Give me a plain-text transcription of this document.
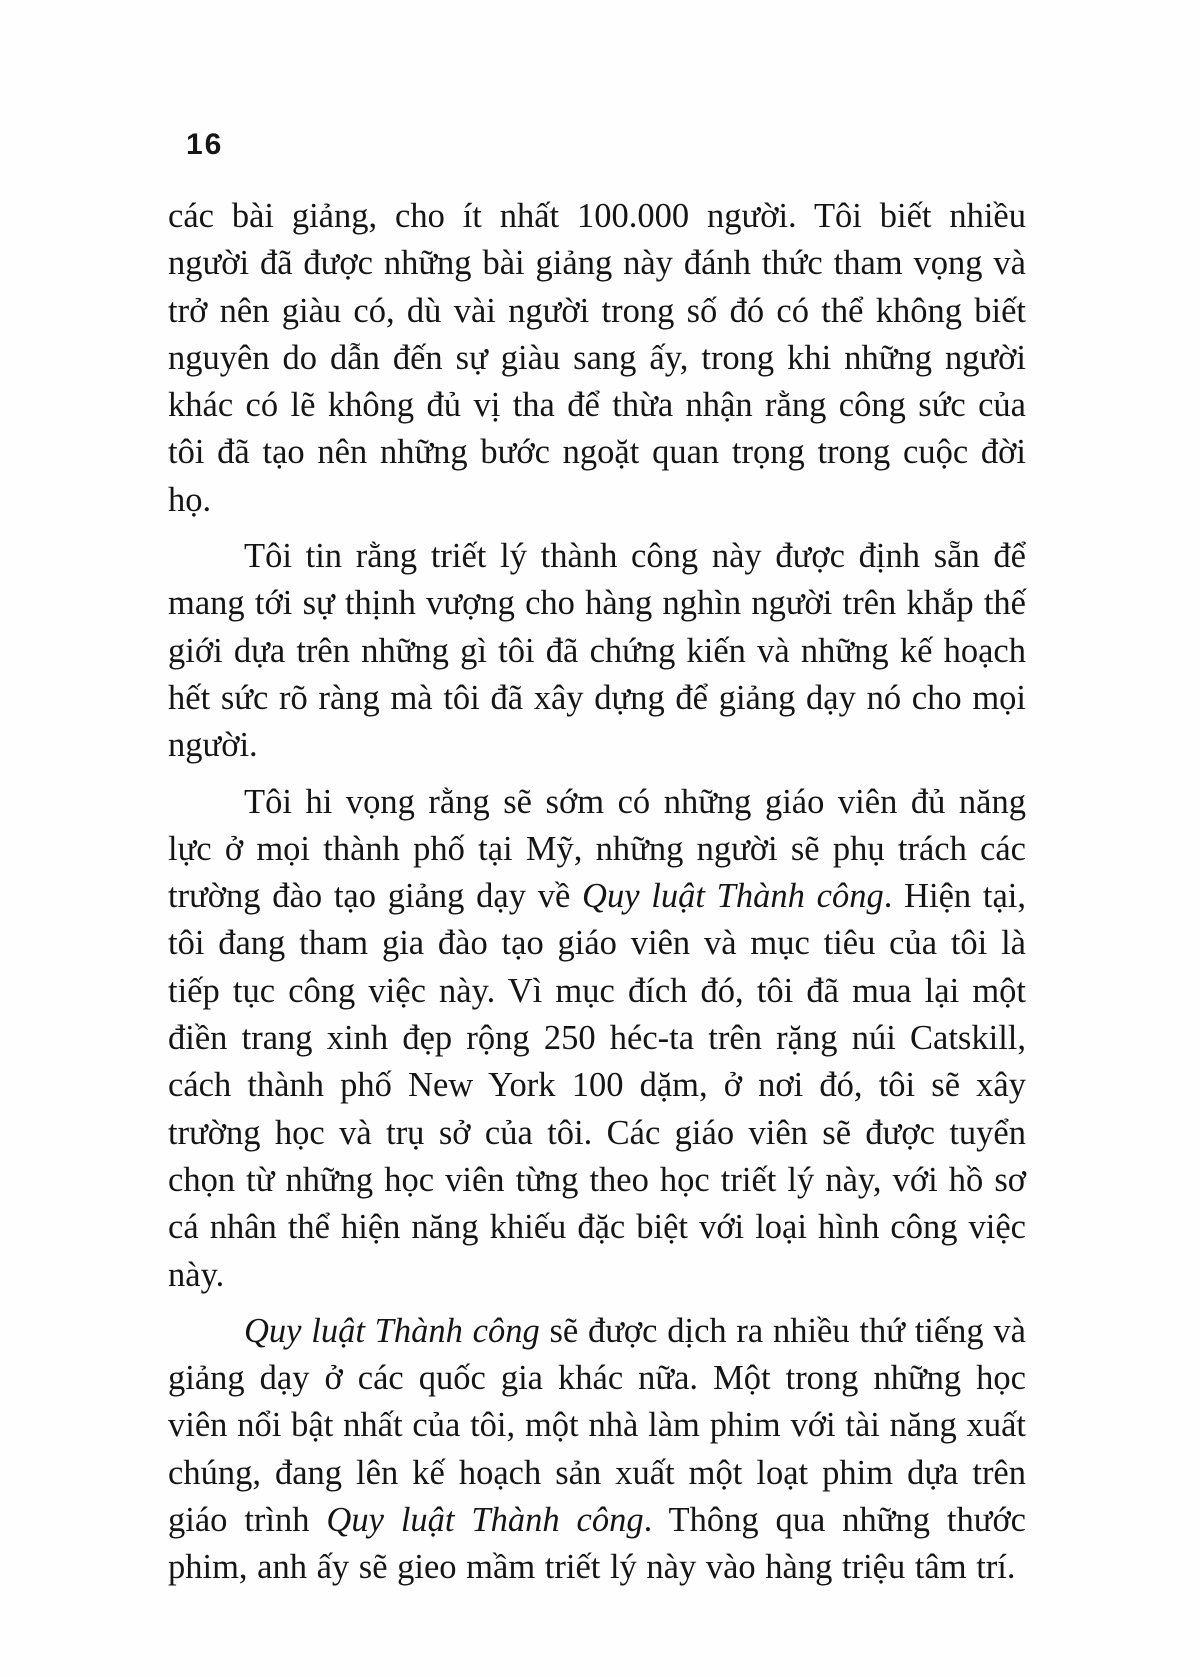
16

các bài giảng, cho ít nhất 100.000 người. Tôi biết nhiều người đã được những bài giảng này đánh thức tham vọng và trở nên giàu có, dù vài người trong số đó có thể không biết nguyên do dẫn đến sự giàu sang ấy, trong khi những người khác có lẽ không đủ vị tha để thừa nhận rằng công sức của tôi đã tạo nên những bước ngoặt quan trọng trong cuộc đời họ.

Tôi tin rằng triết lý thành công này được định sẵn để mang tới sự thịnh vượng cho hàng nghìn người trên khắp thế giới dựa trên những gì tôi đã chứng kiến và những kế hoạch hết sức rõ ràng mà tôi đã xây dựng để giảng dạy nó cho mọi người.

Tôi hi vọng rằng sẽ sớm có những giáo viên đủ năng lực ở mọi thành phố tại Mỹ, những người sẽ phụ trách các trường đào tạo giảng dạy về Quy luật Thành công. Hiện tại, tôi đang tham gia đào tạo giáo viên và mục tiêu của tôi là tiếp tục công việc này. Vì mục đích đó, tôi đã mua lại một điền trang xinh đẹp rộng 250 héc-ta trên rặng núi Catskill, cách thành phố New York 100 dặm, ở nơi đó, tôi sẽ xây trường học và trụ sở của tôi. Các giáo viên sẽ được tuyển chọn từ những học viên từng theo học triết lý này, với hồ sơ cá nhân thể hiện năng khiếu đặc biệt với loại hình công việc này.

Quy luật Thành công sẽ được dịch ra nhiều thứ tiếng và giảng dạy ở các quốc gia khác nữa. Một trong những học viên nổi bật nhất của tôi, một nhà làm phim với tài năng xuất chúng, đang lên kế hoạch sản xuất một loạt phim dựa trên giáo trình Quy luật Thành công. Thông qua những thước phim, anh ấy sẽ gieo mầm triết lý này vào hàng triệu tâm trí.
